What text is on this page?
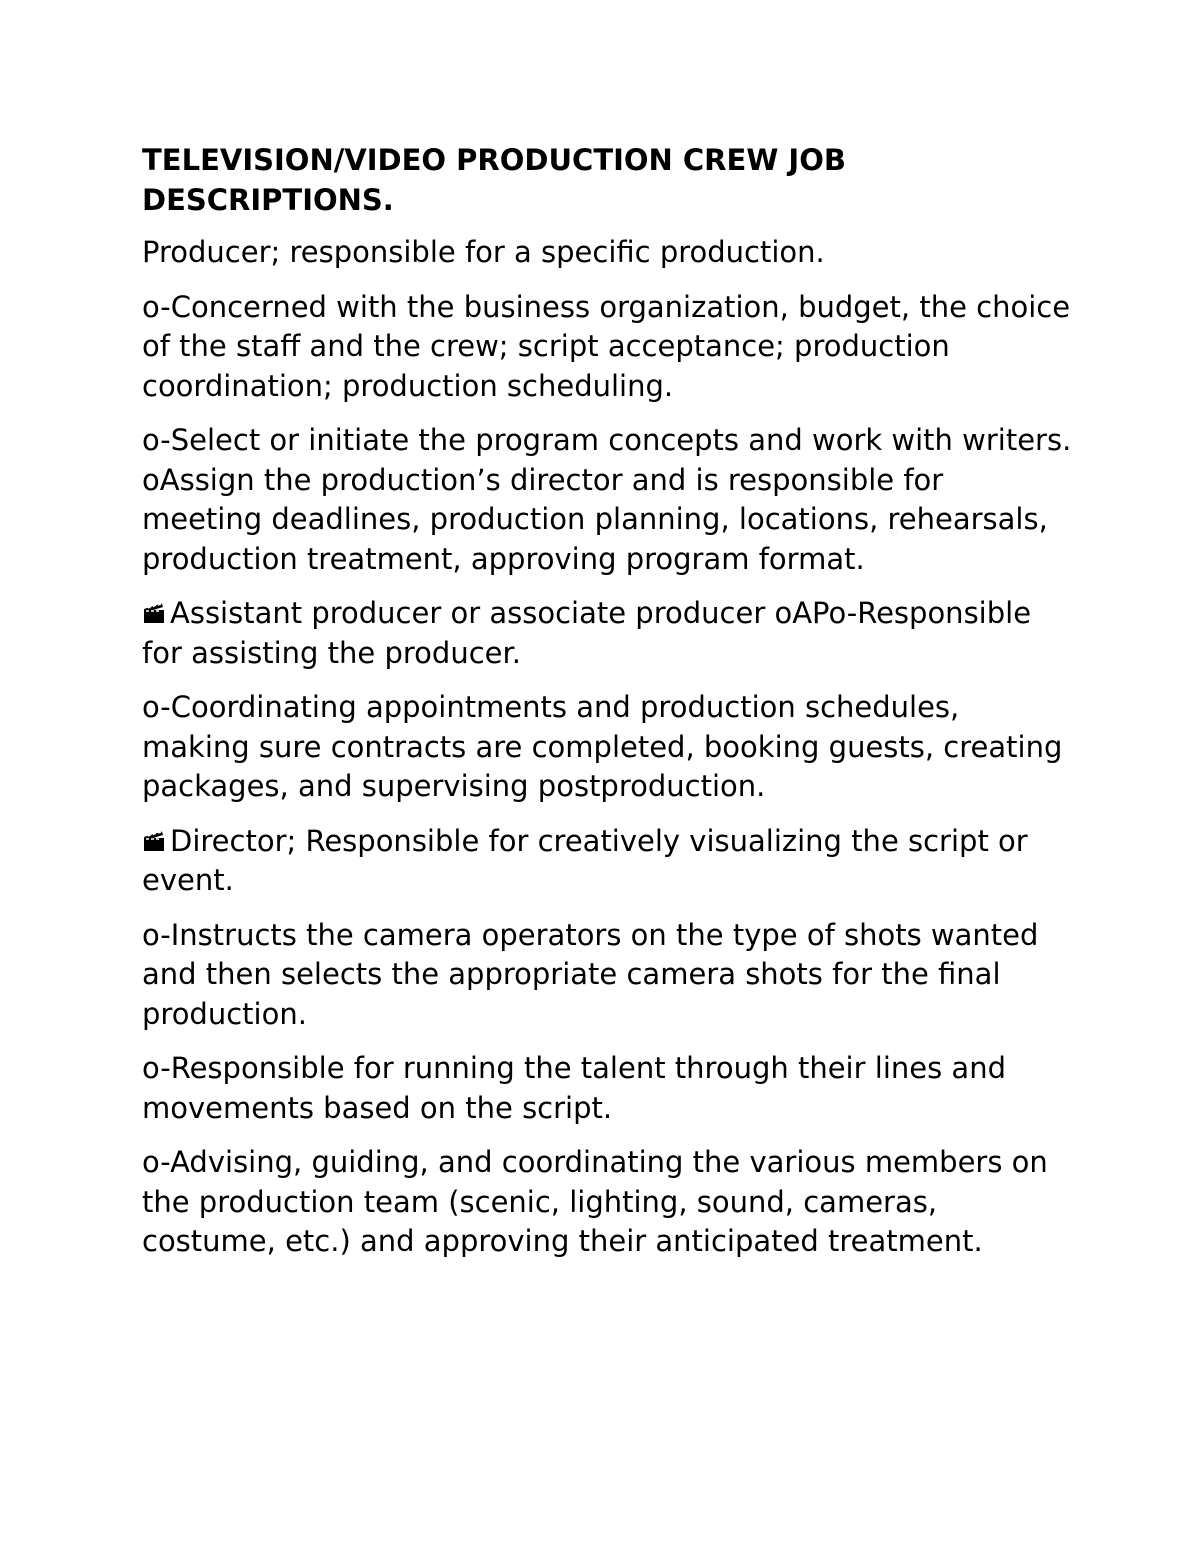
TELEVISION/VIDEO PRODUCTION CREW JOB DESCRIPTIONS.

Producer; responsible for a specific production.

o-Concerned with the business organization, budget, the choice of the staff and the crew; script acceptance; production coordination; production scheduling.

o-Select or initiate the program concepts and work with writers. oAssign the production’s director and is responsible for meeting deadlines, production planning, locations, rehearsals, production treatment, approving program format.

Assistant producer or associate producer oAPo-Responsible for assisting the producer.

o-Coordinating appointments and production schedules, making sure contracts are completed, booking guests, creating packages, and supervising postproduction.

Director; Responsible for creatively visualizing the script or event.

o-Instructs the camera operators on the type of shots wanted and then selects the appropriate camera shots for the final production.

o-Responsible for running the talent through their lines and movements based on the script.

o-Advising, guiding, and coordinating the various members on the production team (scenic, lighting, sound, cameras, costume, etc.) and approving their anticipated treatment.
